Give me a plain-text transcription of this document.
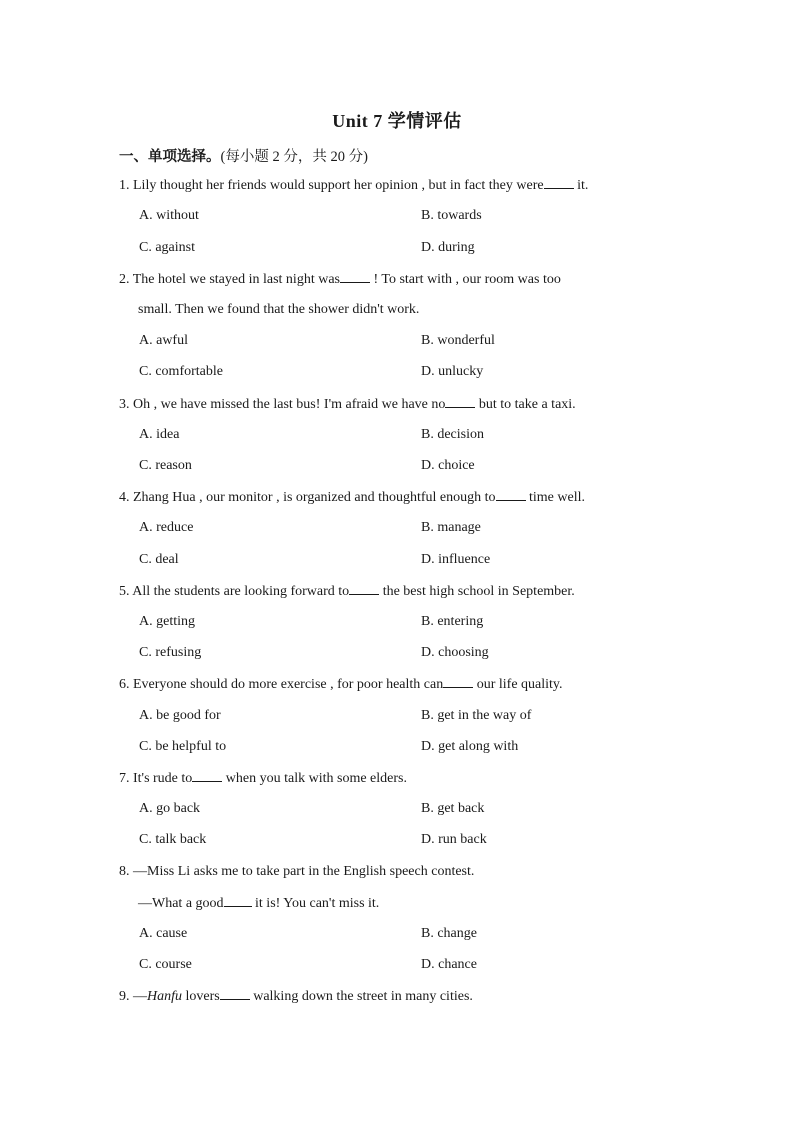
Unit 7 学情评估
一、单项选择。(每小题 2 分，共 20 分)
1. Lily thought her friends would support her opinion , but in fact they were it.
A. without	B. towards
C. against	D. during
2. The hotel we stayed in last night was ! To start with , our room was too
small. Then we found that the shower didn't work.
A. awful	B. wonderful
C. comfortable	D. unlucky
3. Oh , we have missed the last bus! I'm afraid we have no but to take a taxi.
A. idea	B. decision
C. reason	D. choice
4. Zhang Hua , our monitor , is organized and thoughtful enough to time well.
A. reduce	B. manage
C. deal	D. influence
5. All the students are looking forward to the best high school in September.
A. getting	B. entering
C. refusing	D. choosing
6. Everyone should do more exercise , for poor health can our life quality.
A. be good for	B. get in the way of
C. be helpful to	D. get along with
7. It's rude to when you talk with some elders.
A. go back	B. get back
C. talk back	D. run back
8. —Miss Li asks me to take part in the English speech contest.
—What a good it is! You can't miss it.
A. cause	B. change
C. course	D. chance
9. —Hanfu lovers walking down the street in many cities.
